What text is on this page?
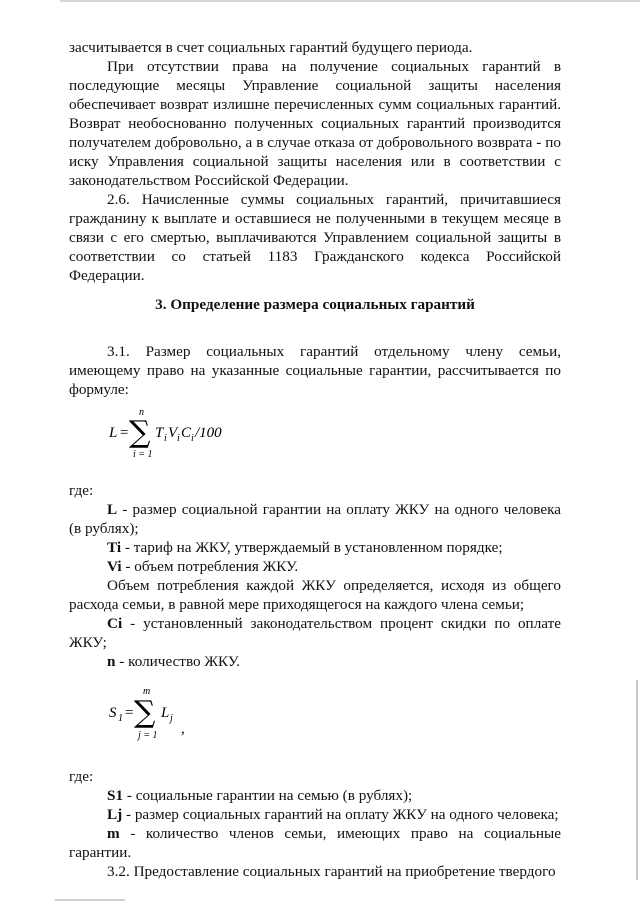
засчитывается в счет социальных гарантий будущего периода.

При отсутствии права на получение социальных гарантий в последующие месяцы Управление социальной защиты населения обеспечивает возврат излишне перечисленных сумм социальных гарантий. Возврат необоснованно полученных социальных гарантий производится получателем добровольно, а в случае отказа от добровольного возврата - по иску Управления социальной защиты населения или в соответствии с законодательством Российской Федерации.

2.6. Начисленные суммы социальных гарантий, причитавшиеся гражданину к выплате и оставшиеся не полученными в текущем месяце в связи с его смертью, выплачиваются Управлением социальной защиты в соответствии со статьей 1183 Гражданского кодекса Российской Федерации.

3. Определение размера социальных гарантий

3.1. Размер социальных гарантий отдельному члену семьи, имеющему право на указанные социальные гарантии, рассчитывается по формуле:

L = ∑
n
i = 1
T i V i C i /100

где:

L - размер социальной гарантии на оплату ЖКУ на одного человека (в рублях);

Ti - тариф на ЖКУ, утверждаемый в установленном порядке;

Vi - объем потребления ЖКУ.

Объем потребления каждой ЖКУ определяется, исходя из общего расхода семьи, в равной мере приходящегося на каждого члена семьи;

Ci - установленный законодательством процент скидки по оплате ЖКУ;

n - количество ЖКУ.

S 1 = ∑
m
j = 1
L j
,

где:

S1 - социальные гарантии на семью (в рублях);

Lj - размер социальных гарантий на оплату ЖКУ на одного человека;

m - количество членов семьи, имеющих право на социальные гарантии.

3.2. Предоставление социальных гарантий на приобретение твердого
